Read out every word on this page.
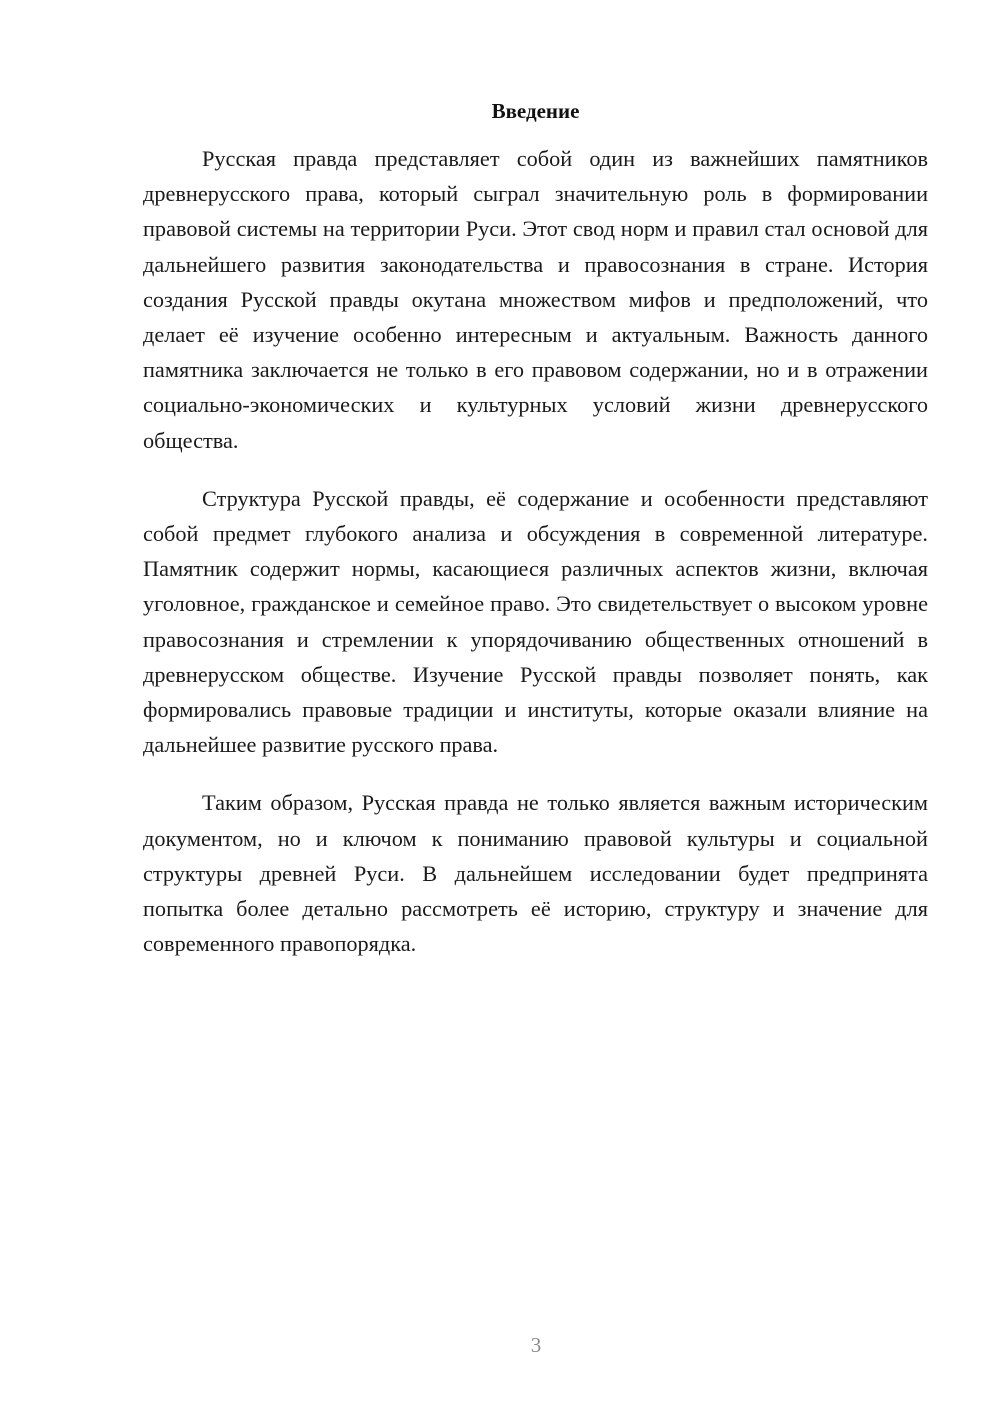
Введение

Русская правда представляет собой один из важнейших памятников древнерусского права, который сыграл значительную роль в формировании правовой системы на территории Руси. Этот свод норм и правил стал основой для дальнейшего развития законодательства и правосознания в стране. История создания Русской правды окутана множеством мифов и предположений, что делает её изучение особенно интересным и актуальным. Важность данного памятника заключается не только в его правовом содержании, но и в отражении социально-экономических и культурных условий жизни древнерусского общества.

Структура Русской правды, её содержание и особенности представляют собой предмет глубокого анализа и обсуждения в современной литературе. Памятник содержит нормы, касающиеся различных аспектов жизни, включая уголовное, гражданское и семейное право. Это свидетельствует о высоком уровне правосознания и стремлении к упорядочиванию общественных отношений в древнерусском обществе. Изучение Русской правды позволяет понять, как формировались правовые традиции и институты, которые оказали влияние на дальнейшее развитие русского права.

Таким образом, Русская правда не только является важным историческим документом, но и ключом к пониманию правовой культуры и социальной структуры древней Руси. В дальнейшем исследовании будет предпринята попытка более детально рассмотреть её историю, структуру и значение для современного правопорядка.

3
